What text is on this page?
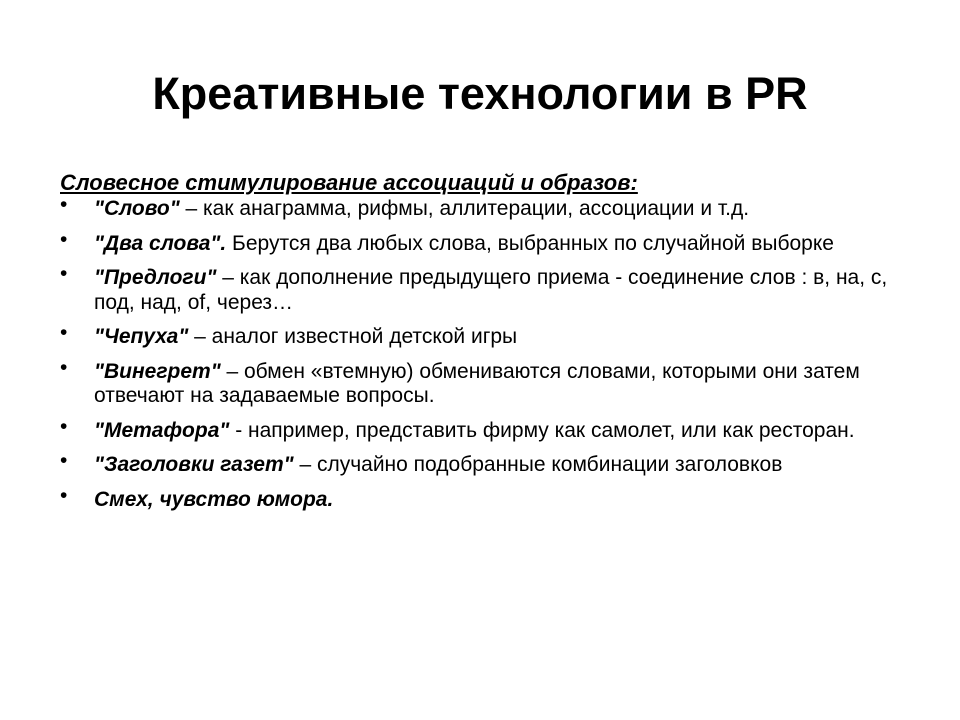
Креативные технологии в PR
Словесное стимулирование ассоциаций и образов:
• "Слово" – как анаграмма, рифмы, аллитерации, ассоциации и т.д.
• "Два слова". Берутся два любых слова, выбранных по случайной выборке
• "Предлоги" – как дополнение предыдущего приема - соединение слов : в, на, с, под, над, of, через…
• "Чепуха" – аналог известной детской игры
• "Винегрет" – обмен «втемную) обмениваются словами, которыми они затем отвечают на задаваемые вопросы.
• "Метафора" - например, представить фирму как самолет, или как ресторан.
• "Заголовки газет" – случайно подобранные комбинации заголовков
• Смех, чувство юмора.
